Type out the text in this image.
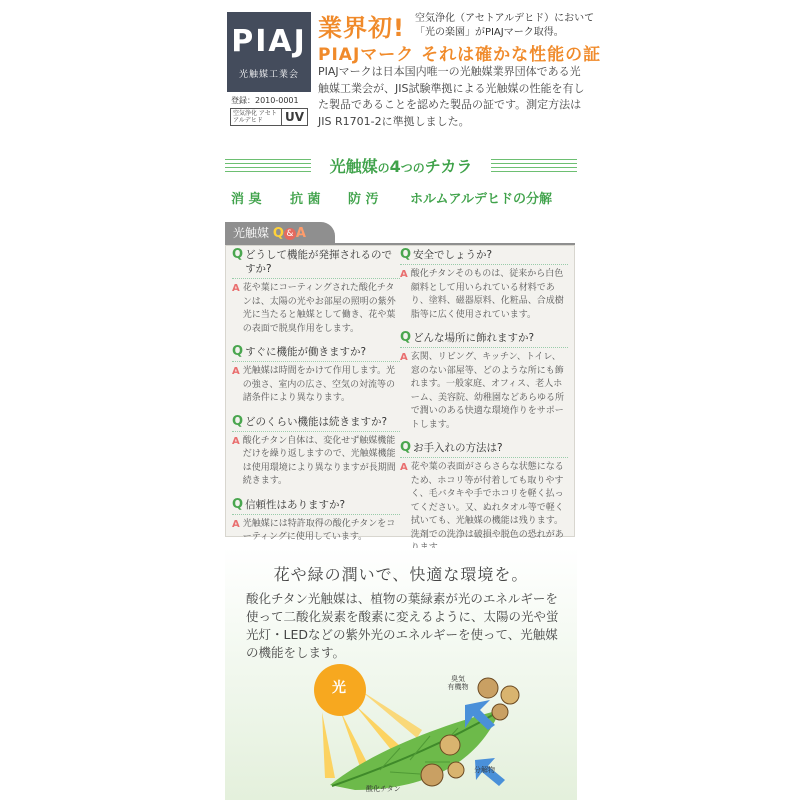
PIAJ
光触媒工業会
登録：2010-0001
空気浄化 アセトアルデヒド	UV
業界初! 空気浄化（アセトアルデヒド）において
「光の楽園」がPIAJマーク取得。
PIAJマーク それは確かな性能の証
PIAJマークは日本国内唯一の光触媒業界団体である光触媒工業会が、JIS試験準拠による光触媒の性能を有した製品であることを認めた製品の証です。測定方法はJIS R1701-2に準拠しました。
光触媒の4つのチカラ
消 臭	抗 菌	防 汚	ホルムアルデヒドの分解
光触媒 Q & A
Q どうして機能が発揮されるのですか?
A 花や葉にコーティングされた酸化チタンは、太陽の光やお部屋の照明の紫外光に当たると触媒として働き、花や葉の表面で脱臭作用をします。
Q すぐに機能が働きますか?
A 光触媒は時間をかけて作用します。光の強さ、室内の広さ、空気の対流等の諸条件により異なります。
Q どのくらい機能は続きますか?
A 酸化チタン自体は、変化せず触媒機能だけを繰り返しますので、光触媒機能は使用環境により異なりますが長期間続きます。
Q 信頼性はありますか?
A 光触媒には特許取得の酸化チタンをコーティングに使用しています。
Q 安全でしょうか?
A 酸化チタンそのものは、従来から白色顔料として用いられている材料であり、塗料、磁器原料、化粧品、合成樹脂等に広く使用されています。
Q どんな場所に飾れますか?
A 玄関、リビング、キッチン、トイレ、窓のない部屋等、どのような所にも飾れます。一般家庭、オフィス、老人ホーム、美容院、幼稚園などあらゆる所で潤いのある快適な環境作りをサポートします。
Q お手入れの方法は?
A 花や葉の表面がさらさらな状態になるため、ホコリ等が付着しても取りやすく、毛バタキや手でホコリを軽く払ってください。又、ぬれタオル等で軽く拭いても、光触媒の機能は残ります。洗剤での洗浄は破損や脱色の恐れがあ
花や緑の潤いで、快適な環境を。
酸化チタン光触媒は、植物の葉緑素が光のエネルギーを使って二酸化炭素を酸素に変えるように、太陽の光や蛍光灯・LEDなどの紫外光のエネルギーを使って、光触媒の機能をします。
光
臭気
有機物
分解物
酸化チタン
